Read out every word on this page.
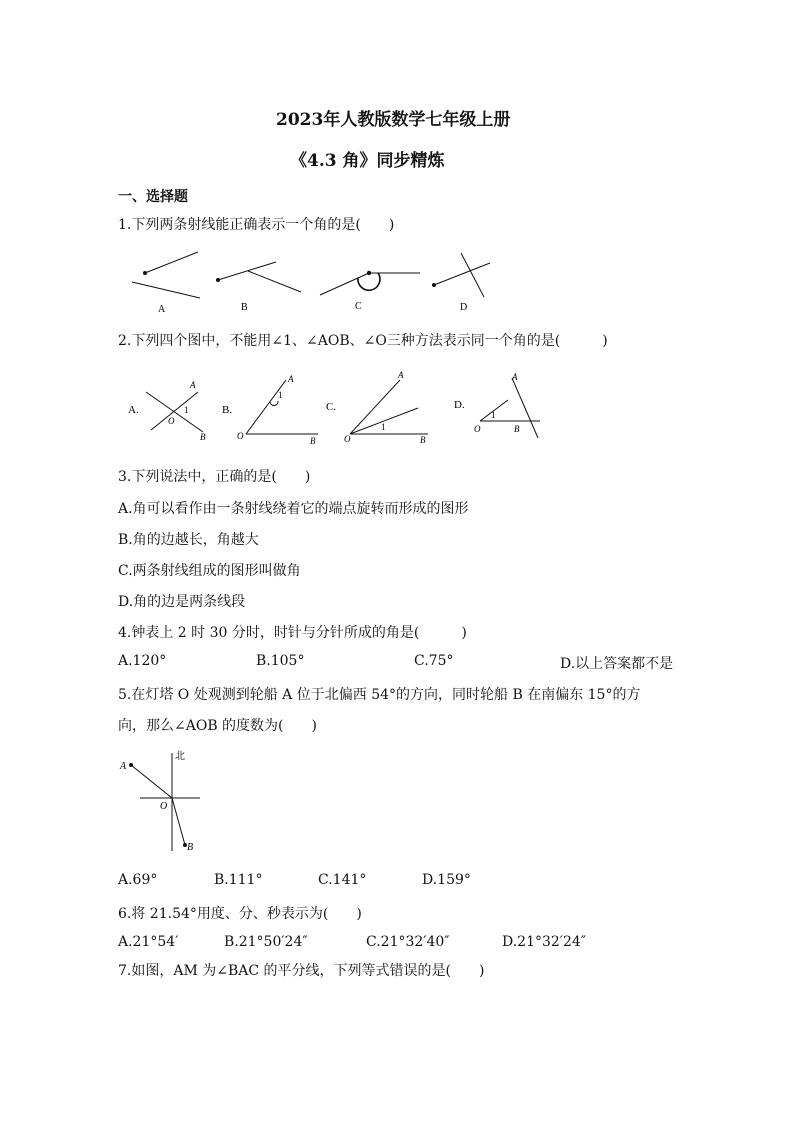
2023年人教版数学七年级上册
《4.3 角》同步精炼
一、选择题
1.下列两条射线能正确表示一个角的是(　　)
A	B	C	D
2.下列四个图中，不能用∠1、∠AOB、∠O三种方法表示同一个角的是(　　　)
A.
A
O
1
B
B.
A
1
O	B
C.
A
1
O	B
D.
A
1
O	B
3.下列说法中，正确的是(　　)
A.角可以看作由一条射线绕着它的端点旋转而形成的图形
B.角的边越长，角越大
C.两条射线组成的图形叫做角
D.角的边是两条线段
4.钟表上 2 时 30 分时，时针与分针所成的角是(　　　)
A.120°	B.105°	C.75°	D.以上答案都不是
5.在灯塔 O 处观测到轮船 A 位于北偏西 54°的方向，同时轮船 B 在南偏东 15°的方
向，那么∠AOB 的度数为(　　)
北
A
O
B
A.69°	B.111°	C.141°	D.159°
6.将 21.54°用度、分、秒表示为(　　)
A.21°54′	B.21°50′24″	C.21°32′40″	D.21°32′24″
7.如图，AM 为∠BAC 的平分线，下列等式错误的是(　　)
